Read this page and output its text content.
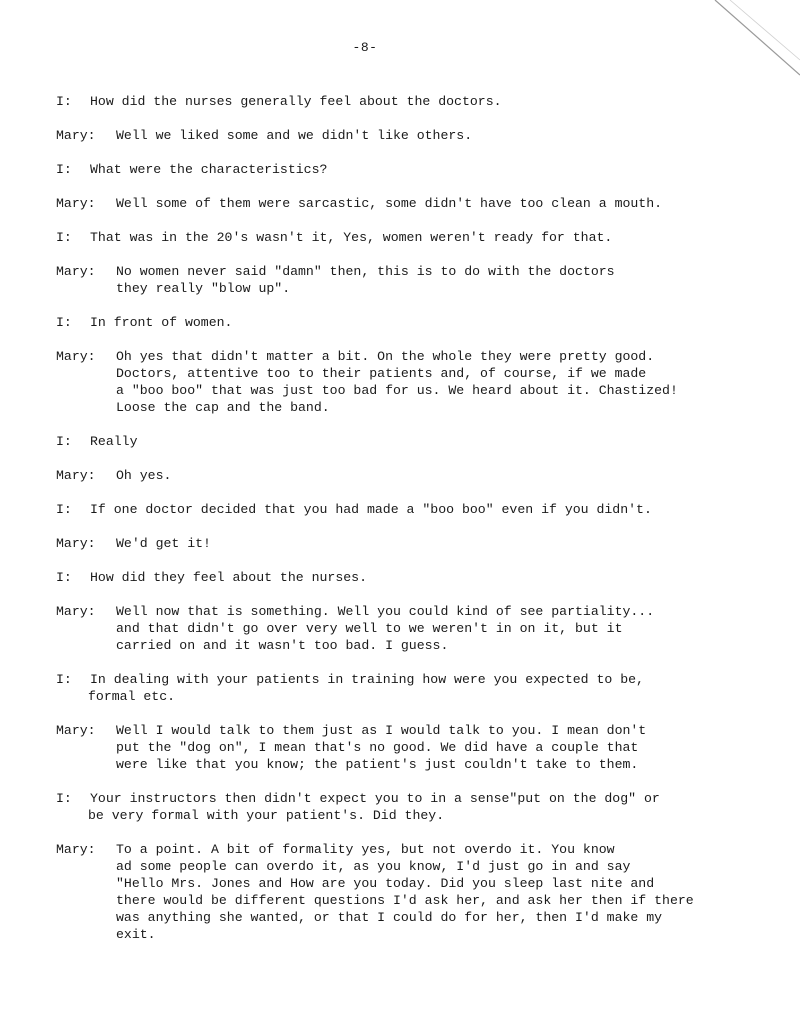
-8-
I: How did the nurses generally feel about the doctors.
Mary: Well we liked some and we didn't like others.
I: What were the characteristics?
Mary: Well some of them were sarcastic, some didn't have too clean a mouth.
I: That was in the 20's wasn't it, Yes, women weren't ready for that.
Mary: No women never said "damn" then, this is to do with the doctors
they really "blow up".
I: In front of women.
Mary: Oh yes that didn't matter a bit. On the whole they were pretty good.
Doctors, attentive too to their patients and, of course, if we made
a "boo boo" that was just too bad for us. We heard about it. Chastized!
Loose the cap and the band.
I: Really
Mary: Oh yes.
I: If one doctor decided that you had made a "boo boo" even if you didn't.
Mary: We'd get it!
I: How did they feel about the nurses.
Mary: Well now that is something. Well you could kind of see partiality...
and that didn't go over very well to we weren't in on it, but it
carried on and it wasn't too bad. I guess.
I: In dealing with your patients in training how were you expected to be,
formal etc.
Mary: Well I would talk to them just as I would talk to you. I mean don't
put the "dog on", I mean that's no good. We did have a couple that
were like that you know; the patient's just couldn't take to them.
I: Your instructors then didn't expect you to in a sense"put on the dog" or
be very formal with your patient's. Did they.
Mary: To a point. A bit of formality yes, but not overdo it. You know
ad some people can overdo it, as you know, I'd just go in and say
"Hello Mrs. Jones and How are you today. Did you sleep last nite and
there would be different questions I'd ask her, and ask her then if there
was anything she wanted, or that I could do for her, then I'd make my
exit.
